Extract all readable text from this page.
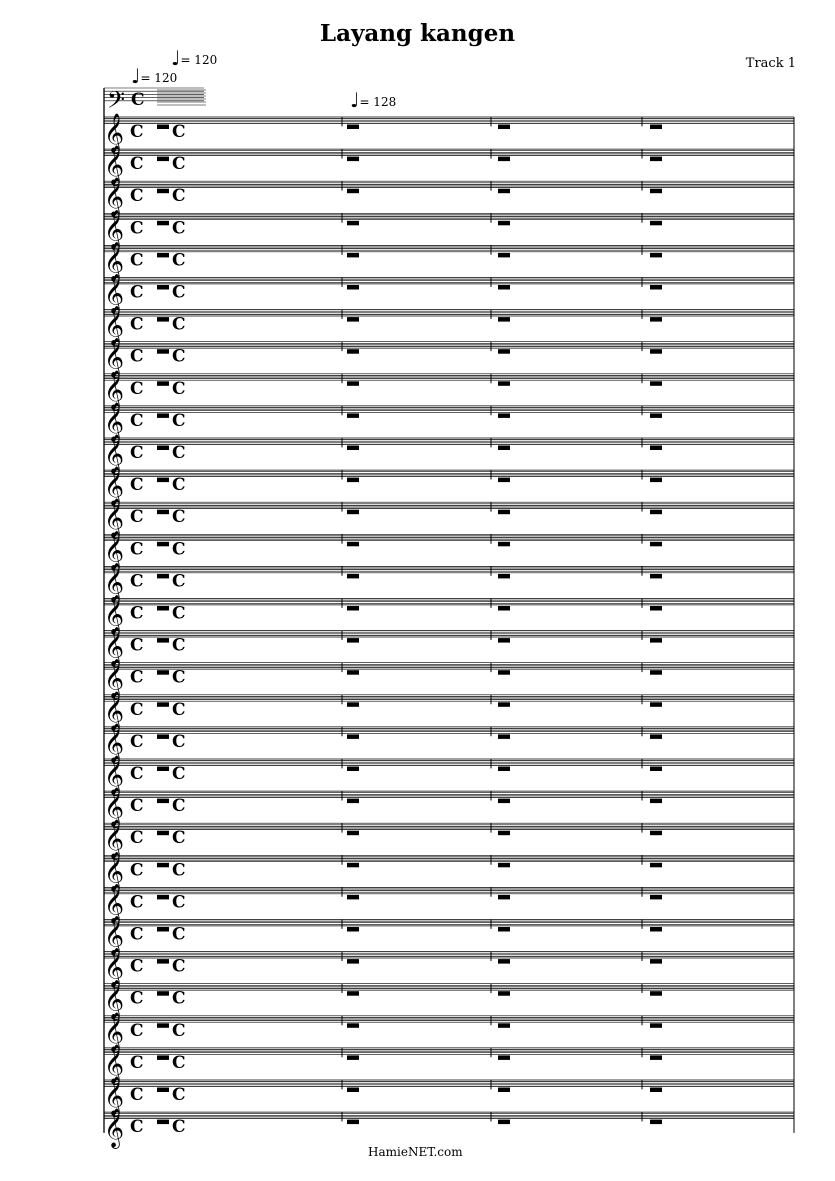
Layang kangen
Track 1
♩= 120
♩= 120
♩= 128
𝄢 C
𝄞 C C
𝄞 C C
𝄞 C C
𝄞 C C
𝄞 C C
𝄞 C C
𝄞 C C
𝄞 C C
𝄞 C C
𝄞 C C
𝄞 C C
𝄞 C C
𝄞 C C
𝄞 C C
𝄞 C C
𝄞 C C
𝄞 C C
𝄞 C C
𝄞 C C
𝄞 C C
𝄞 C C
𝄞 C C
𝄞 C C
𝄞 C C
𝄞 C C
𝄞 C C
𝄞 C C
𝄞 C C
𝄞 C C
𝄞 C C
𝄞 C C
𝄞 C C
HamieNET.com
